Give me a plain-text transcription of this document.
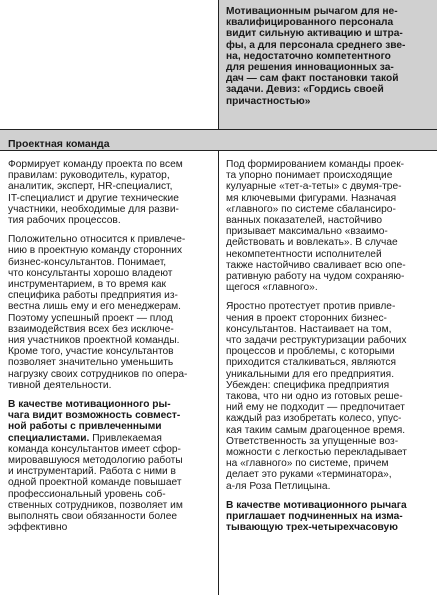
Мотивационным рычагом для не-
квалифицированного персонала
видит сильную активацию и штра-
фы, а для персонала среднего зве-
на, недостаточно компетентного
для решения инновационных за-
дач — сам факт постановки такой
задачи. Девиз: «Гордись своей
причастностью»
Проектная команда
Формирует команду проекта по всем
правилам: руководитель, куратор,
аналитик, эксперт, HR-специалист,
IT-специалист и другие технические
участники, необходимые для разви-
тия рабочих процессов.
Положительно относится к привлече-
нию в проектную команду сторонних
бизнес-консультантов. Понимает,
что консультанты хорошо владеют
инструментарием, в то время как
специфика работы предприятия из-
вестна лишь ему и его менеджерам.
Поэтому успешный проект — плод
взаимодействия всех без исключе-
ния участников проектной команды.
Кроме того, участие консультантов
позволяет значительно уменьшить
нагрузку своих сотрудников по опера-
тивной деятельности.
В качестве мотивационного ры-
чага видит возможность совмест-
ной работы с привлеченными
специалистами. Привлекаемая
команда консультантов имеет сфор-
мировавшуюся методологию работы
и инструментарий. Работа с ними в
одной проектной команде повышает
профессиональный уровень соб-
ственных сотрудников, позволяет им
выполнять свои обязанности более
эффективно
Под формированием команды проек-
та упорно понимает происходящие
кулуарные «тет-а-теты» с двумя-тре-
мя ключевыми фигурами. Назначая
«главного» по системе сбалансиро-
ванных показателей, настойчиво
призывает максимально «взаимо-
действовать и вовлекать». В случае
некомпетентности исполнителей
также настойчиво сваливает всю опе-
ративную работу на чудом сохраняю-
щегося «главного».
Яростно протестует против привле-
чения в проект сторонних бизнес-
консультантов. Настаивает на том,
что задачи реструктуризации рабочих
процессов и проблемы, с которыми
приходится сталкиваться, являются
уникальными для его предприятия.
Убежден: специфика предприятия
такова, что ни одно из готовых реше-
ний ему не подходит — предпочитает
каждый раз изобретать колесо, упус-
кая таким самым драгоценное время.
Ответственность за упущенные воз-
можности с легкостью перекладывает
на «главного» по системе, причем
делает это руками «терминатора»,
а-ля Роза Петлицына.
В качестве мотивационного рычага
приглашает подчиненных на изма-
тывающую трех-четырехчасовую
